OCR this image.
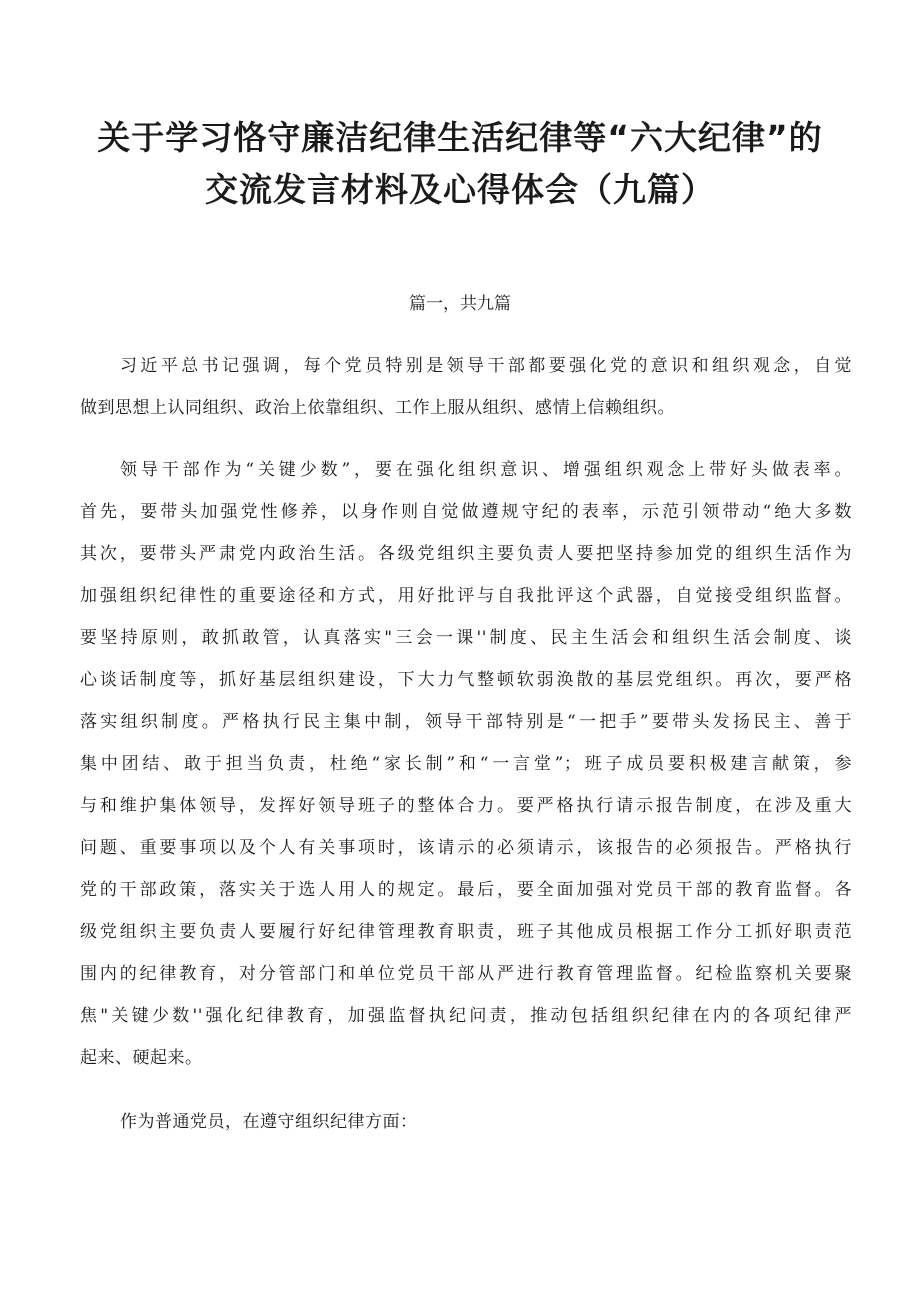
关于学习恪守廉洁纪律生活纪律等“六大纪律”的
交流发言材料及心得体会（九篇）
篇一，共九篇
习近平总书记强调，每个党员特别是领导干部都要强化党的意识和组织观念，自觉
做到思想上认同组织、政治上依靠组织、工作上服从组织、感情上信赖组织。
领导干部作为“关键少数”，要在强化组织意识、增强组织观念上带好头做表率。
首先，要带头加强党性修养，以身作则自觉做遵规守纪的表率，示范引领带动“绝大多数
其次，要带头严肃党内政治生活。各级党组织主要负责人要把坚持参加党的组织生活作为
加强组织纪律性的重要途径和方式，用好批评与自我批评这个武器，自觉接受组织监督。
要坚持原则，敢抓敢管，认真落实"三会一课''制度、民主生活会和组织生活会制度、谈
心谈话制度等，抓好基层组织建设，下大力气整顿软弱涣散的基层党组织。再次，要严格
落实组织制度。严格执行民主集中制，领导干部特别是“一把手”要带头发扬民主、善于
集中团结、敢于担当负责，杜绝“家长制”和“一言堂”；班子成员要积极建言献策，参
与和维护集体领导，发挥好领导班子的整体合力。要严格执行请示报告制度，在涉及重大
问题、重要事项以及个人有关事项时，该请示的必须请示，该报告的必须报告。严格执行
党的干部政策，落实关于选人用人的规定。最后，要全面加强对党员干部的教育监督。各
级党组织主要负责人要履行好纪律管理教育职责，班子其他成员根据工作分工抓好职责范
围内的纪律教育，对分管部门和单位党员干部从严进行教育管理监督。纪检监察机关要聚
焦"关键少数''强化纪律教育，加强监督执纪问责，推动包括组织纪律在内的各项纪律严
起来、硬起来。
作为普通党员，在遵守组织纪律方面：
